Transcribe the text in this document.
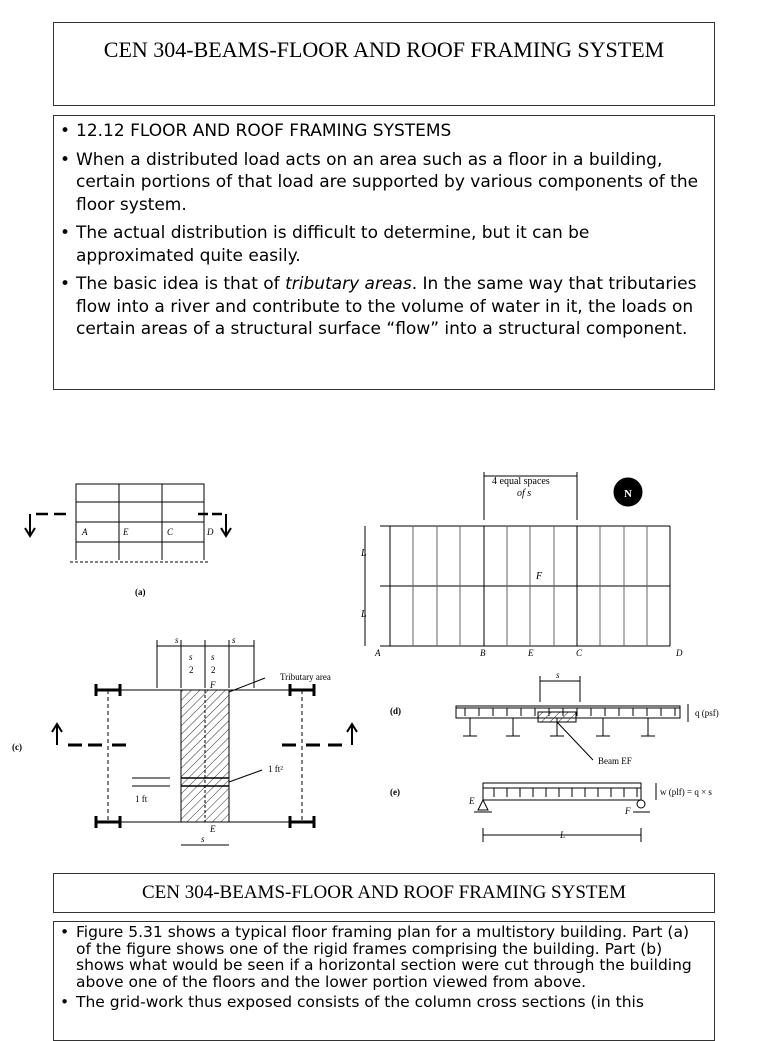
CEN 304-BEAMS-FLOOR AND ROOF FRAMING SYSTEM
• 12.12 FLOOR AND ROOF FRAMING SYSTEMS
• When a distributed load acts on an area such as a floor in a building, certain portions of that load are supported by various components of the floor system.
• The actual distribution is difficult to determine, but it can be approximated quite easily.
• The basic idea is that of tributary areas. In the same way that tributaries flow into a river and contribute to the volume of water in it, the loads on certain areas of a structural surface “flow” into a structural component.
A	E	C	D
(a)
4 equal spaces
of s	N
L
L
F
A	B	E	C	D
s	s
s
2
s
2
Tributary area
1 ft²
1 ft
F
E
s
(c)
q (psf)
Beam EF
s
(d)
w (plf) = q × s
E
F
L
(e)
CEN 304-BEAMS-FLOOR AND ROOF FRAMING SYSTEM
• Figure 5.31 shows a typical floor framing plan for a multistory building. Part (a) of the figure shows one of the rigid frames comprising the building. Part (b) shows what would be seen if a horizontal section were cut through the building above one of the floors and the lower portion viewed from above.
• The grid-work thus exposed consists of the column cross sections (in this
